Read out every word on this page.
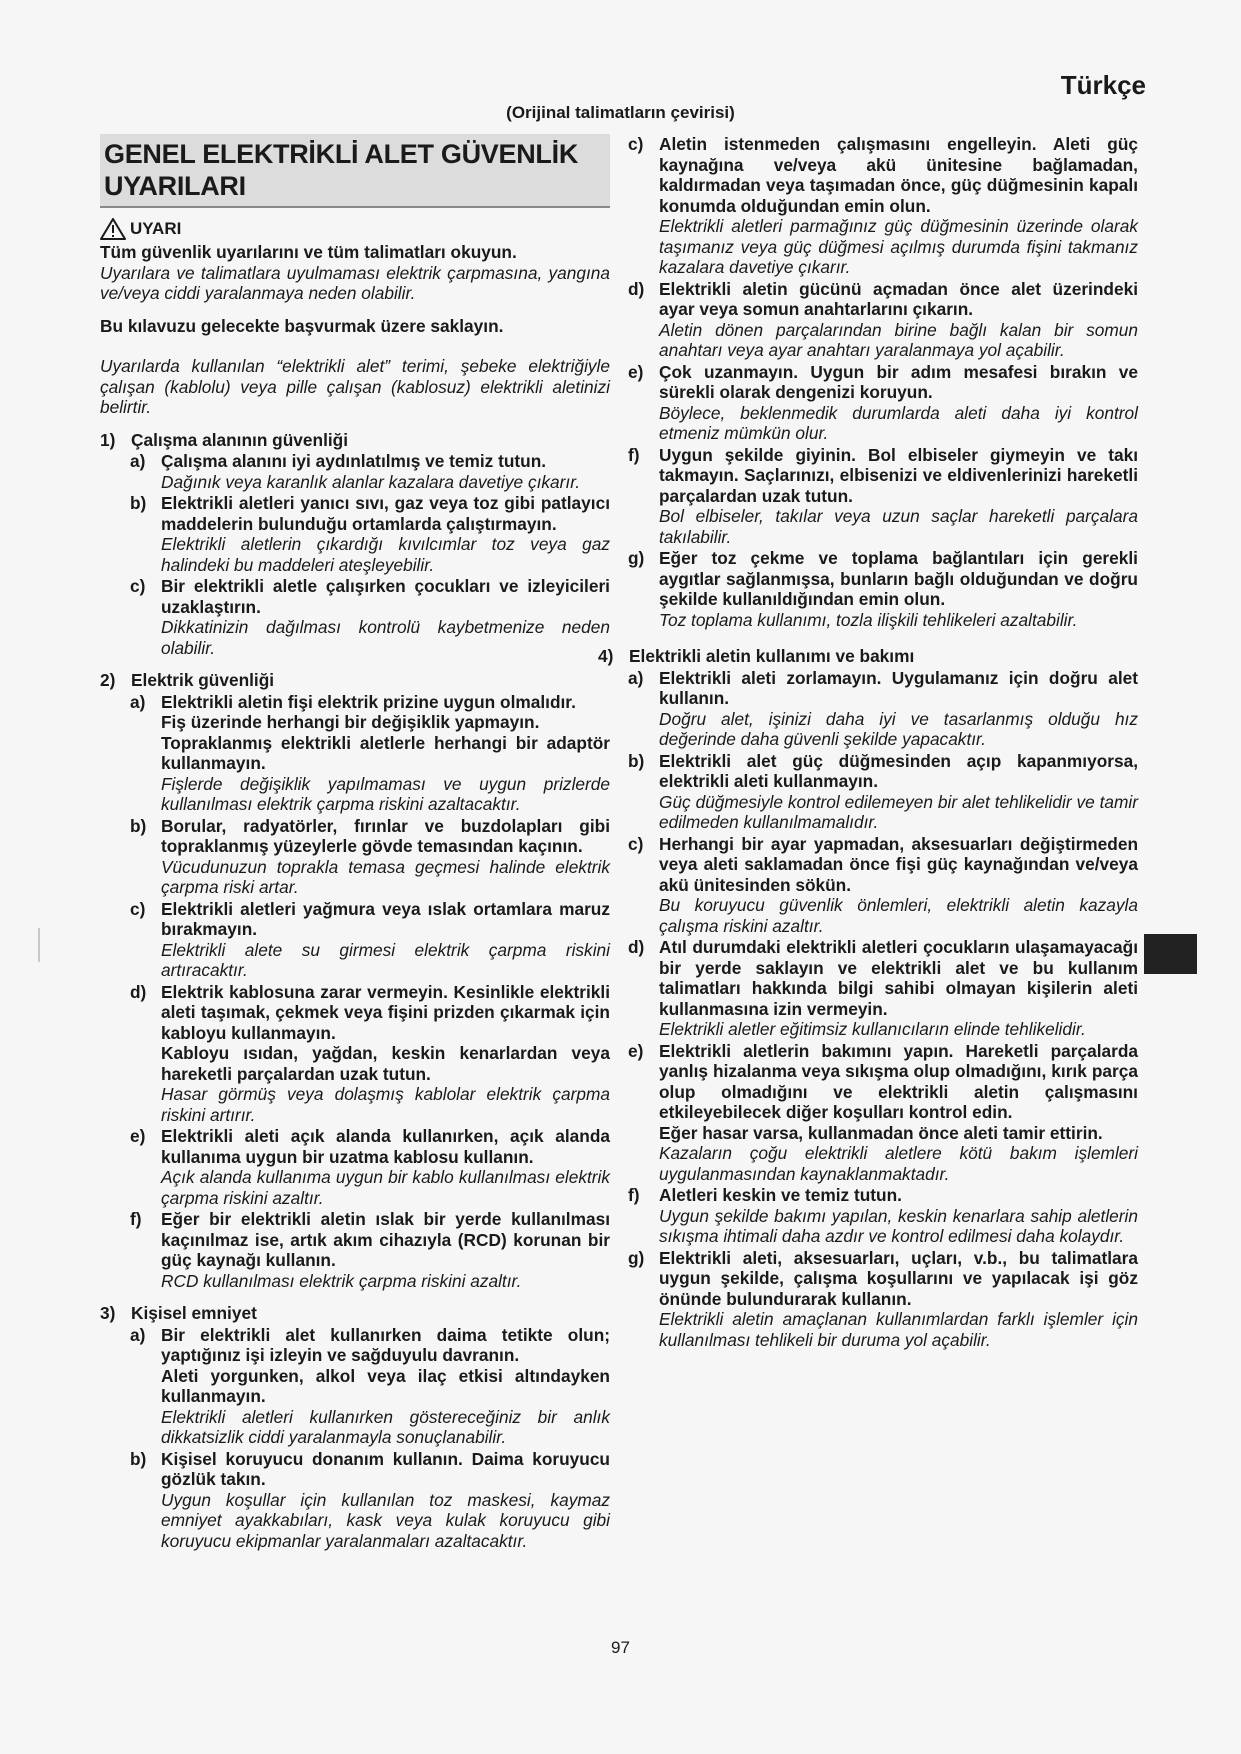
Türkçe
(Orijinal talimatların çevirisi)
GENEL ELEKTRİKLİ ALET GÜVENLİK UYARILARI
UYARI
Tüm güvenlik uyarılarını ve tüm talimatları okuyun.
Uyarılara ve talimatlara uyulmaması elektrik çarpmasına, yangına ve/veya ciddi yaralanmaya neden olabilir.
Bu kılavuzu gelecekte başvurmak üzere saklayın.
Uyarılarda kullanılan “elektrikli alet” terimi, şebeke elektriğiyle çalışan (kablolu) veya pille çalışan (kablosuz) elektrikli aletinizi belirtir.
1) Çalışma alanının güvenliği
a) Çalışma alanını iyi aydınlatılmış ve temiz tutun.
Dağınık veya karanlık alanlar kazalara davetiye çıkarır.
b) Elektrikli aletleri yanıcı sıvı, gaz veya toz gibi patlayıcı maddelerin bulunduğu ortamlarda çalıştırmayın.
Elektrikli aletlerin çıkardığı kıvılcımlar toz veya gaz halindeki bu maddeleri ateşleyebilir.
c) Bir elektrikli aletle çalışırken çocukları ve izleyicileri uzaklaştırın.
Dikkatinizin dağılması kontrolü kaybetmenize neden olabilir.
2) Elektrik güvenliği
a) Elektrikli aletin fişi elektrik prizine uygun olmalıdır.
Fiş üzerinde herhangi bir değişiklik yapmayın.
Topraklanmış elektrikli aletlerle herhangi bir adaptör kullanmayın.
Fişlerde değişiklik yapılmaması ve uygun prizlerde kullanılması elektrik çarpma riskini azaltacaktır.
b) Borular, radyatörler, fırınlar ve buzdolapları gibi topraklanmış yüzeylerle gövde temasından kaçının.
Vücudunuzun toprakla temasa geçmesi halinde elektrik çarpma riski artar.
c) Elektrikli aletleri yağmura veya ıslak ortamlara maruz bırakmayın.
Elektrikli alete su girmesi elektrik çarpma riskini artıracaktır.
d) Elektrik kablosuna zarar vermeyin. Kesinlikle elektrikli aleti taşımak, çekmek veya fişini prizden çıkarmak için kabloyu kullanmayın.
Kabloyu ısıdan, yağdan, keskin kenarlardan veya hareketli parçalardan uzak tutun.
Hasar görmüş veya dolaşmış kablolar elektrik çarpma riskini artırır.
e) Elektrikli aleti açık alanda kullanırken, açık alanda kullanıma uygun bir uzatma kablosu kullanın.
Açık alanda kullanıma uygun bir kablo kullanılması elektrik çarpma riskini azaltır.
f)	Eğer bir elektrikli aletin ıslak bir yerde kullanılması kaçınılmaz ise, artık akım cihazıyla (RCD) korunan bir güç kaynağı kullanın.
RCD kullanılması elektrik çarpma riskini azaltır.
3) Kişisel emniyet
a) Bir elektrikli alet kullanırken daima tetikte olun; yaptığınız işi izleyin ve sağduyulu davranın.
Aleti yorgunken, alkol veya ilaç etkisi altındayken kullanmayın.
Elektrikli aletleri kullanırken göstereceğiniz bir anlık dikkatsizlik ciddi yaralanmayla sonuçlanabilir.
b) Kişisel koruyucu donanım kullanın. Daima koruyucu gözlük takın.
Uygun koşullar için kullanılan toz maskesi, kaymaz emniyet ayakkabıları, kask veya kulak koruyucu gibi koruyucu ekipmanlar yaralanmaları azaltacaktır.
c) Aletin istenmeden çalışmasını engelleyin. Aleti güç kaynağına ve/veya akü ünitesine bağlamadan, kaldırmadan veya taşımadan önce, güç düğmesinin kapalı konumda olduğundan emin olun.
Elektrikli aletleri parmağınız güç düğmesinin üzerinde olarak taşımanız veya güç düğmesi açılmış durumda fişini takmanız kazalara davetiye çıkarır.
d) Elektrikli aletin gücünü açmadan önce alet üzerindeki ayar veya somun anahtarlarını çıkarın.
Aletin dönen parçalarından birine bağlı kalan bir somun anahtarı veya ayar anahtarı yaralanmaya yol açabilir.
e) Çok uzanmayın. Uygun bir adım mesafesi bırakın ve sürekli olarak dengenizi koruyun.
Böylece, beklenmedik durumlarda aleti daha iyi kontrol etmeniz mümkün olur.
f)	Uygun şekilde giyinin. Bol elbiseler giymeyin ve takı takmayın. Saçlarınızı, elbisenizi ve eldivenlerinizi hareketli parçalardan uzak tutun.
Bol elbiseler, takılar veya uzun saçlar hareketli parçalara takılabilir.
g) Eğer toz çekme ve toplama bağlantıları için gerekli aygıtlar sağlanmışsa, bunların bağlı olduğundan ve doğru şekilde kullanıldığından emin olun.
Toz toplama kullanımı, tozla ilişkili tehlikeleri azaltabilir.
4) Elektrikli aletin kullanımı ve bakımı
a) Elektrikli aleti zorlamayın. Uygulamanız için doğru alet kullanın.
Doğru alet, işinizi daha iyi ve tasarlanmış olduğu hız değerinde daha güvenli şekilde yapacaktır.
b) Elektrikli alet güç düğmesinden açıp kapanmıyorsa, elektrikli aleti kullanmayın.
Güç düğmesiyle kontrol edilemeyen bir alet tehlikelidir ve tamir edilmeden kullanılmamalıdır.
c) Herhangi bir ayar yapmadan, aksesuarları değiştirmeden veya aleti saklamadan önce fişi güç kaynağından ve/veya akü ünitesinden sökün.
Bu koruyucu güvenlik önlemleri, elektrikli aletin kazayla çalışma riskini azaltır.
d) Atıl durumdaki elektrikli aletleri çocukların ulaşamayacağı bir yerde saklayın ve elektrikli alet ve bu kullanım talimatları hakkında bilgi sahibi olmayan kişilerin aleti kullanmasına izin vermeyin.
Elektrikli aletler eğitimsiz kullanıcıların elinde tehlikelidir.
e) Elektrikli aletlerin bakımını yapın. Hareketli parçalarda yanlış hizalanma veya sıkışma olup olmadığını, kırık parça olup olmadığını ve elektrikli aletin çalışmasını etkileyebilecek diğer koşulları kontrol edin.
Eğer hasar varsa, kullanmadan önce aleti tamir ettirin.
Kazaların çoğu elektrikli aletlere kötü bakım işlemleri uygulanmasından kaynaklanmaktadır.
f)	Aletleri keskin ve temiz tutun.
Uygun şekilde bakımı yapılan, keskin kenarlara sahip aletlerin sıkışma ihtimali daha azdır ve kontrol edilmesi daha kolaydır.
g) Elektrikli aleti, aksesuarları, uçları, v.b., bu talimatlara uygun şekilde, çalışma koşullarını ve yapılacak işi göz önünde bulundurarak kullanın.
Elektrikli aletin amaçlanan kullanımlardan farklı işlemler için kullanılması tehlikeli bir duruma yol açabilir.
97
